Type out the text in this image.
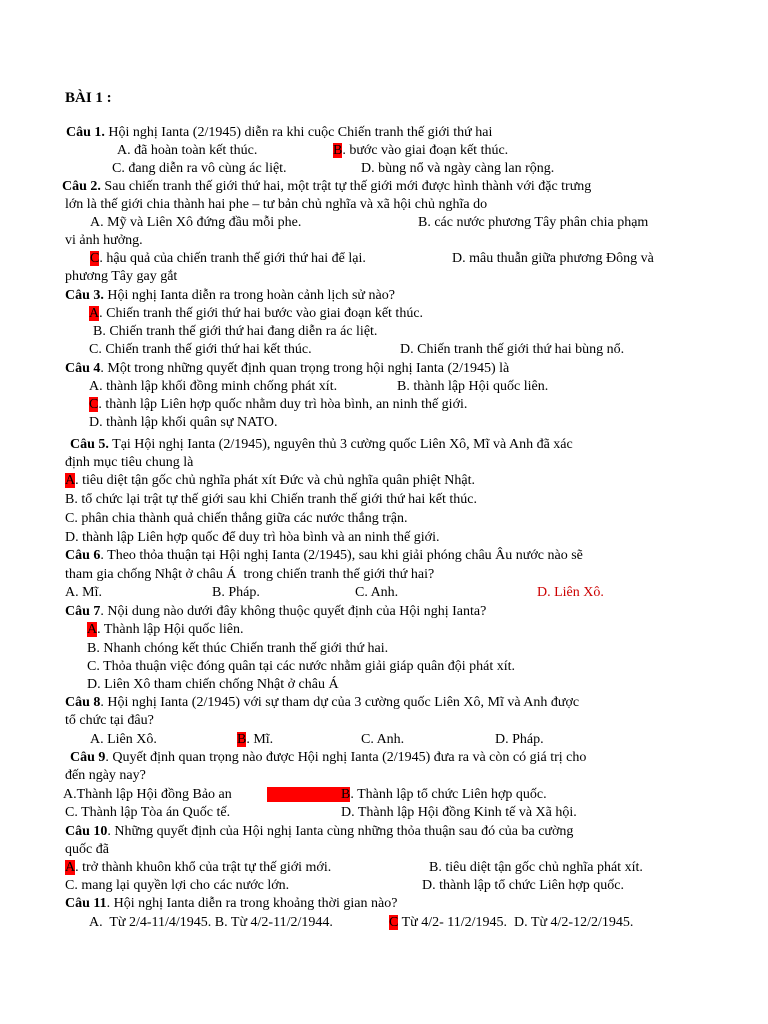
BÀI 1 :
Câu 1. Hội nghị Ianta (2/1945) diễn ra khi cuộc Chiến tranh thế giới thứ hai
A. đã hoàn toàn kết thúc.	B. bước vào giai đoạn kết thúc.
C. đang diễn ra vô cùng ác liệt.	D. bùng nổ và ngày càng lan rộng.
Câu 2. Sau chiến tranh thế giới thứ hai, một trật tự thế giới mới được hình thành với đặc trưng
lớn là thế giới chia thành hai phe – tư bản chủ nghĩa và xã hội chủ nghĩa do
A. Mỹ và Liên Xô đứng đầu mỗi phe.	B. các nước phương Tây phân chia phạm
vi ảnh hưởng.
C. hậu quả của chiến tranh thế giới thứ hai để lại.	D. mâu thuẫn giữa phương Đông và
phương Tây gay gắt
Câu 3. Hội nghị Ianta diễn ra trong hoàn cảnh lịch sử nào?
A. Chiến tranh thế giới thứ hai bước vào giai đoạn kết thúc.
B. Chiến tranh thế giới thứ hai đang diễn ra ác liệt.
C. Chiến tranh thế giới thứ hai kết thúc.	D. Chiến tranh thế giới thứ hai bùng nổ.
Câu 4. Một trong những quyết định quan trọng trong hội nghị Ianta (2/1945) là
A. thành lập khối đồng minh chống phát xít.	B. thành lập Hội quốc liên.
C. thành lập Liên hợp quốc nhằm duy trì hòa bình, an ninh thế giới.
D. thành lập khối quân sự NATO.
Câu 5. Tại Hội nghị Ianta (2/1945), nguyên thủ 3 cường quốc Liên Xô, Mĩ và Anh đã xác
định mục tiêu chung là
A. tiêu diệt tận gốc chủ nghĩa phát xít Đức và chủ nghĩa quân phiệt Nhật.
B. tổ chức lại trật tự thế giới sau khi Chiến tranh thế giới thứ hai kết thúc.
C. phân chia thành quả chiến thắng giữa các nước thắng trận.
D. thành lập Liên hợp quốc để duy trì hòa bình và an ninh thế giới.
Câu 6. Theo thỏa thuận tại Hội nghị Ianta (2/1945), sau khi giải phóng châu Âu nước nào sẽ
tham gia chống Nhật ở châu Á  trong chiến tranh thế giới thứ hai?
A. Mĩ.	B. Pháp.	C. Anh.	D. Liên Xô.
Câu 7. Nội dung nào dưới đây không thuộc quyết định của Hội nghị Ianta?
A. Thành lập Hội quốc liên.
B. Nhanh chóng kết thúc Chiến tranh thế giới thứ hai.
C. Thỏa thuận việc đóng quân tại các nước nhằm giải giáp quân đội phát xít.
D. Liên Xô tham chiến chống Nhật ở châu Á
Câu 8. Hội nghị Ianta (2/1945) với sự tham dự của 3 cường quốc Liên Xô, Mĩ và Anh được
tổ chức tại đâu?
A. Liên Xô.	B. Mĩ.	C. Anh.	D. Pháp.
Câu 9. Quyết định quan trọng nào được Hội nghị Ianta (2/1945) đưa ra và còn có giá trị cho
đến ngày nay?
A.Thành lập Hội đồng Bảo an	B. Thành lập tổ chức Liên hợp quốc.
C. Thành lập Tòa án Quốc tế.	D. Thành lập Hội đồng Kinh tế và Xã hội.
Câu 10. Những quyết định của Hội nghị Ianta cùng những thỏa thuận sau đó của ba cường
quốc đã
A. trở thành khuôn khổ của trật tự thế giới mới.	B. tiêu diệt tận gốc chủ nghĩa phát xít.
C. mang lại quyền lợi cho các nước lớn.	D. thành lập tổ chức Liên hợp quốc.
Câu 11. Hội nghị Ianta diễn ra trong khoảng thời gian nào?
A.  Từ 2/4-11/4/1945. B. Từ 4/2-11/2/1944.	C Từ 4/2- 11/2/1945.  D. Từ 4/2-12/2/1945.
